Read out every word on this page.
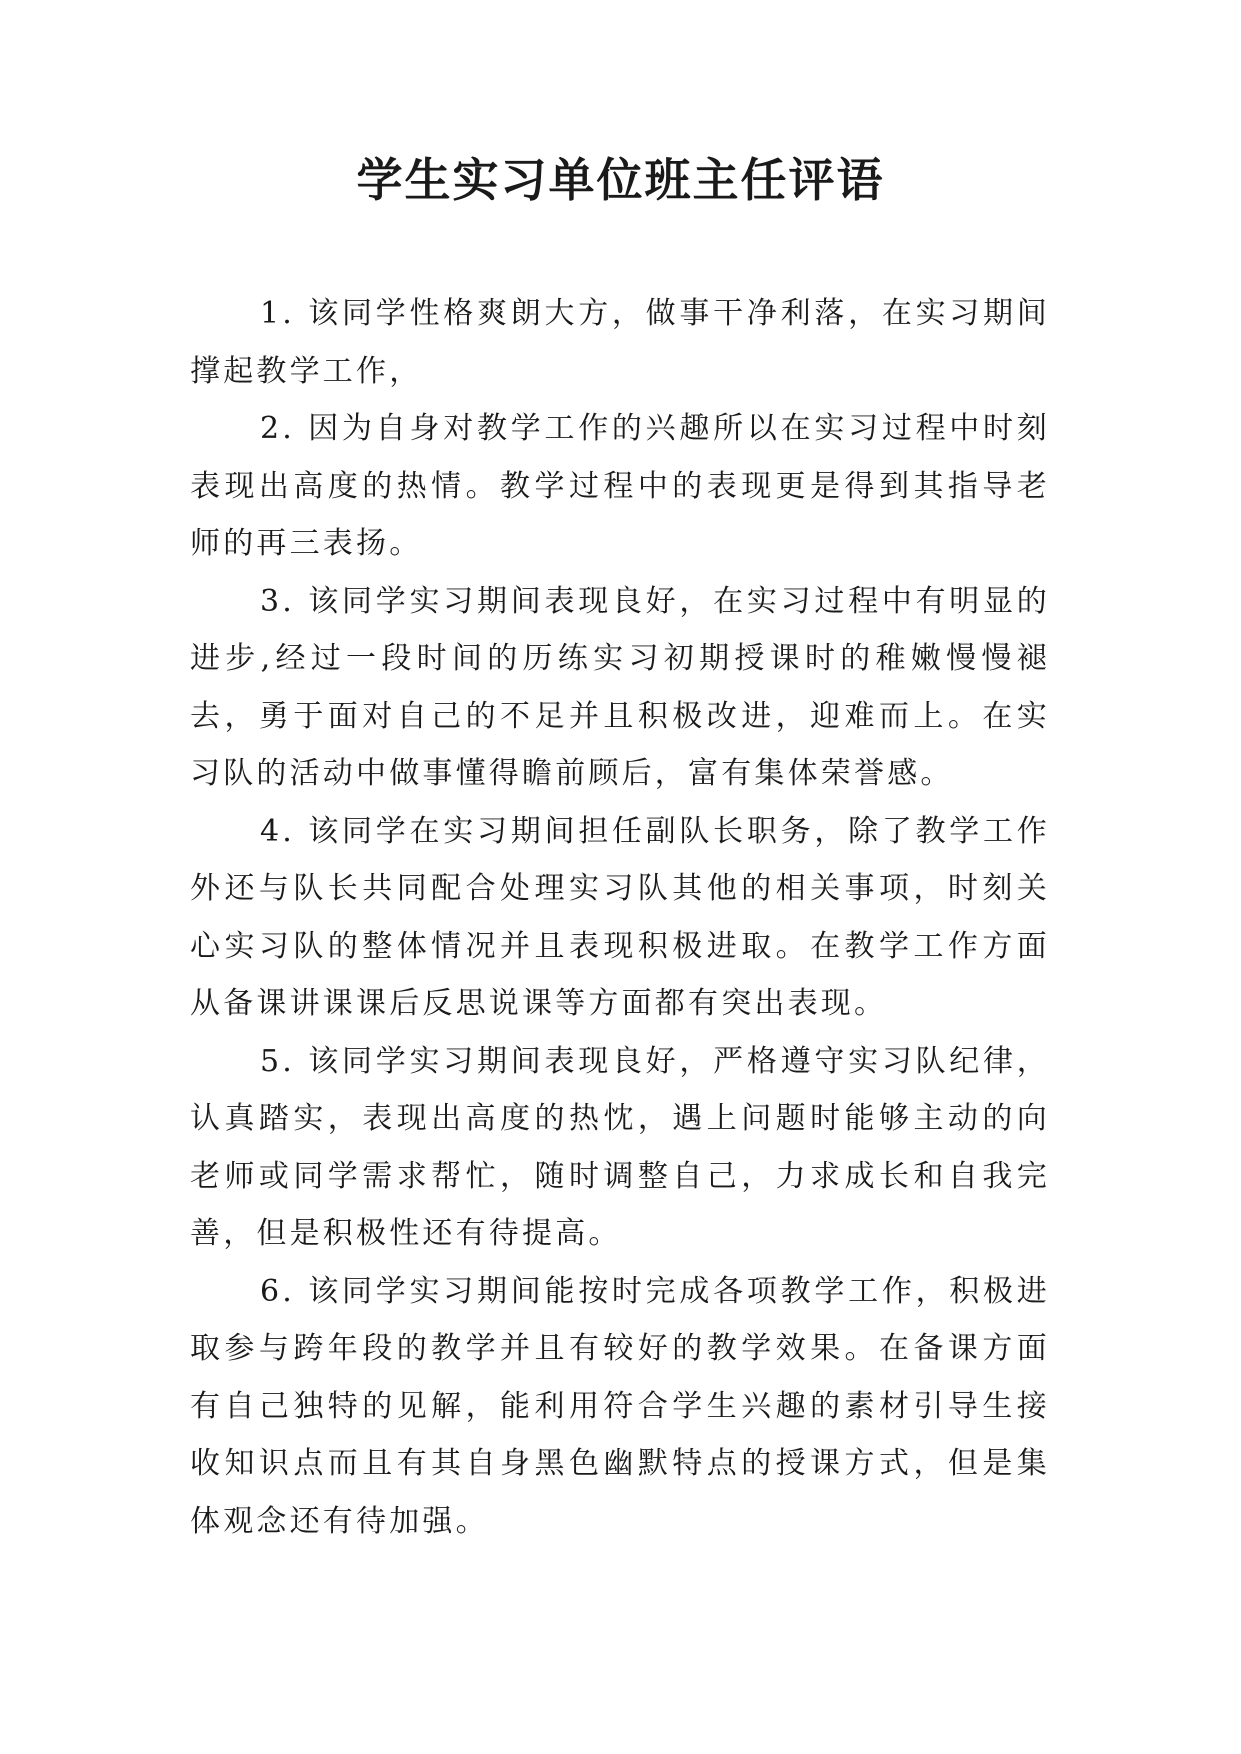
学生实习单位班主任评语

1. 该同学性格爽朗大方，做事干净利落，在实习期间撑起教学工作，

2. 因为自身对教学工作的兴趣所以在实习过程中时刻表现出高度的热情。教学过程中的表现更是得到其指导老师的再三表扬。

3. 该同学实习期间表现良好，在实习过程中有明显的进步,经过一段时间的历练实习初期授课时的稚嫩慢慢褪去，勇于面对自己的不足并且积极改进，迎难而上。在实习队的活动中做事懂得瞻前顾后，富有集体荣誉感。

4. 该同学在实习期间担任副队长职务，除了教学工作外还与队长共同配合处理实习队其他的相关事项，时刻关心实习队的整体情况并且表现积极进取。在教学工作方面从备课讲课课后反思说课等方面都有突出表现。

5. 该同学实习期间表现良好，严格遵守实习队纪律，认真踏实，表现出高度的热忱，遇上问题时能够主动的向老师或同学需求帮忙，随时调整自己，力求成长和自我完善，但是积极性还有待提高。

6. 该同学实习期间能按时完成各项教学工作，积极进取参与跨年段的教学并且有较好的教学效果。在备课方面有自己独特的见解，能利用符合学生兴趣的素材引导生接收知识点而且有其自身黑色幽默特点的授课方式，但是集体观念还有待加强。
